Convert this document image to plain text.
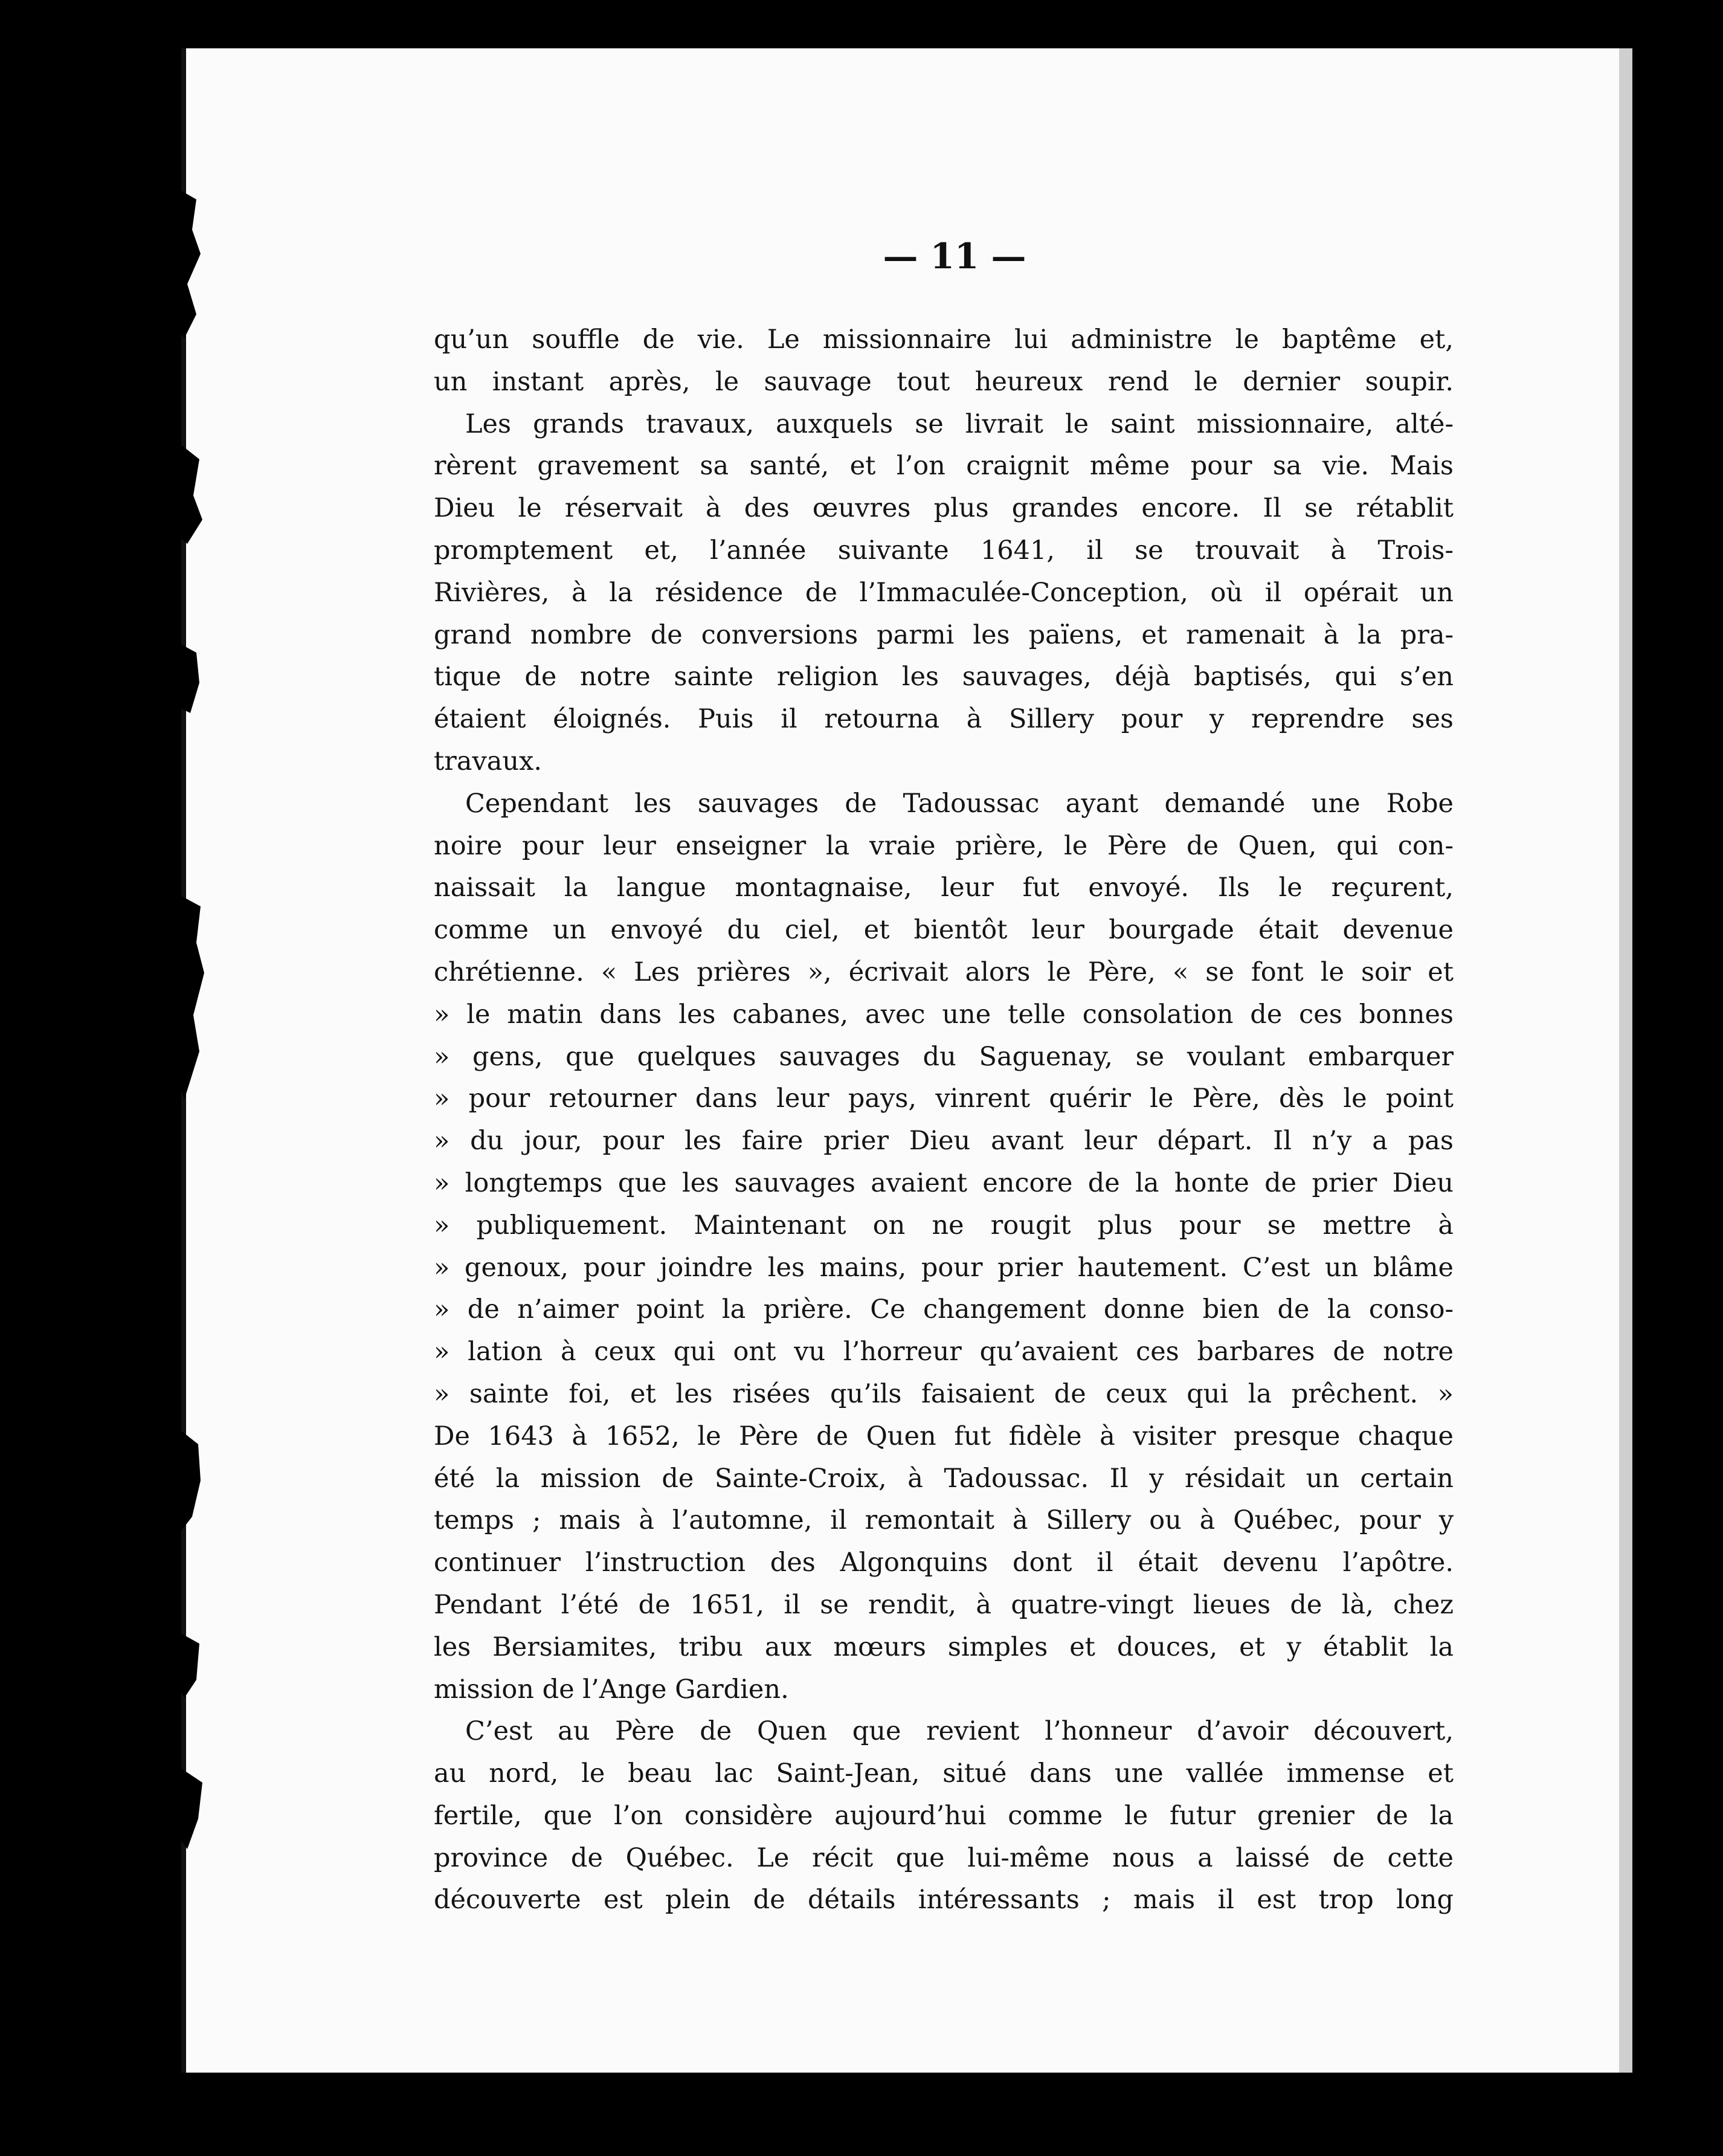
— 11 —
qu’un souffle de vie. Le missionnaire lui administre le baptême et,
un instant après, le sauvage tout heureux rend le dernier soupir.
Les grands travaux, auxquels se livrait le saint missionnaire, alté-
rèrent gravement sa santé, et l’on craignit même pour sa vie. Mais
Dieu le réservait à des œuvres plus grandes encore. Il se rétablit
promptement et, l’année suivante 1641, il se trouvait à Trois-
Rivières, à la résidence de l’Immaculée-Conception, où il opérait un
grand nombre de conversions parmi les païens, et ramenait à la pra-
tique de notre sainte religion les sauvages, déjà baptisés, qui s’en
étaient éloignés. Puis il retourna à Sillery pour y reprendre ses
travaux.
Cependant les sauvages de Tadoussac ayant demandé une Robe
noire pour leur enseigner la vraie prière, le Père de Quen, qui con-
naissait la langue montagnaise, leur fut envoyé. Ils le reçurent,
comme un envoyé du ciel, et bientôt leur bourgade était devenue
chrétienne. « Les prières », écrivait alors le Père, « se font le soir et
» le matin dans les cabanes, avec une telle consolation de ces bonnes
» gens, que quelques sauvages du Saguenay, se voulant embarquer
» pour retourner dans leur pays, vinrent quérir le Père, dès le point
» du jour, pour les faire prier Dieu avant leur départ. Il n’y a pas
» longtemps que les sauvages avaient encore de la honte de prier Dieu
» publiquement. Maintenant on ne rougit plus pour se mettre à
» genoux, pour joindre les mains, pour prier hautement. C’est un blâme
» de n’aimer point la prière. Ce changement donne bien de la conso-
» lation à ceux qui ont vu l’horreur qu’avaient ces barbares de notre
» sainte foi, et les risées qu’ils faisaient de ceux qui la prêchent. »
De 1643 à 1652, le Père de Quen fut fidèle à visiter presque chaque
été la mission de Sainte-Croix, à Tadoussac. Il y résidait un certain
temps ; mais à l’automne, il remontait à Sillery ou à Québec, pour y
continuer l’instruction des Algonquins dont il était devenu l’apôtre.
Pendant l’été de 1651, il se rendit, à quatre-vingt lieues de là, chez
les Bersiamites, tribu aux mœurs simples et douces, et y établit la
mission de l’Ange Gardien.
C’est au Père de Quen que revient l’honneur d’avoir découvert,
au nord, le beau lac Saint-Jean, situé dans une vallée immense et
fertile, que l’on considère aujourd’hui comme le futur grenier de la
province de Québec. Le récit que lui-même nous a laissé de cette
découverte est plein de détails intéressants ; mais il est trop long
